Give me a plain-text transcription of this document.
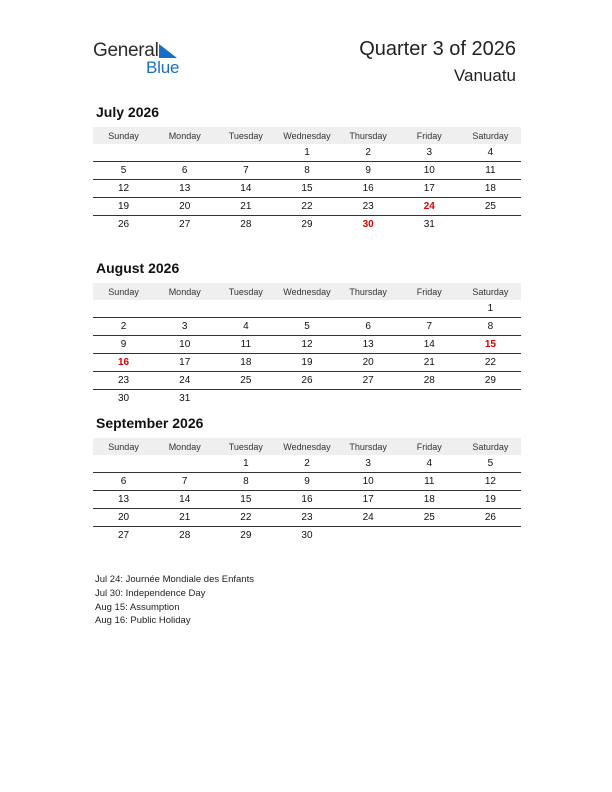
General
Blue
Quarter 3 of 2026
Vanuatu
July 2026
Sunday	Monday	Tuesday	Wednesday	Thursday	Friday	Saturday
			1	2	3	4
5	6	7	8	9	10	11
12	13	14	15	16	17	18
19	20	21	22	23	24	25
26	27	28	29	30	31	
August 2026
Sunday	Monday	Tuesday	Wednesday	Thursday	Friday	Saturday
						1
2	3	4	5	6	7	8
9	10	11	12	13	14	15
16	17	18	19	20	21	22
23	24	25	26	27	28	29
30	31					
September 2026
Sunday	Monday	Tuesday	Wednesday	Thursday	Friday	Saturday
		1	2	3	4	5
6	7	8	9	10	11	12
13	14	15	16	17	18	19
20	21	22	23	24	25	26
27	28	29	30			
Jul 24: Journée Mondiale des Enfants
Jul 30: Independence Day
Aug 15: Assumption
Aug 16: Public Holiday
